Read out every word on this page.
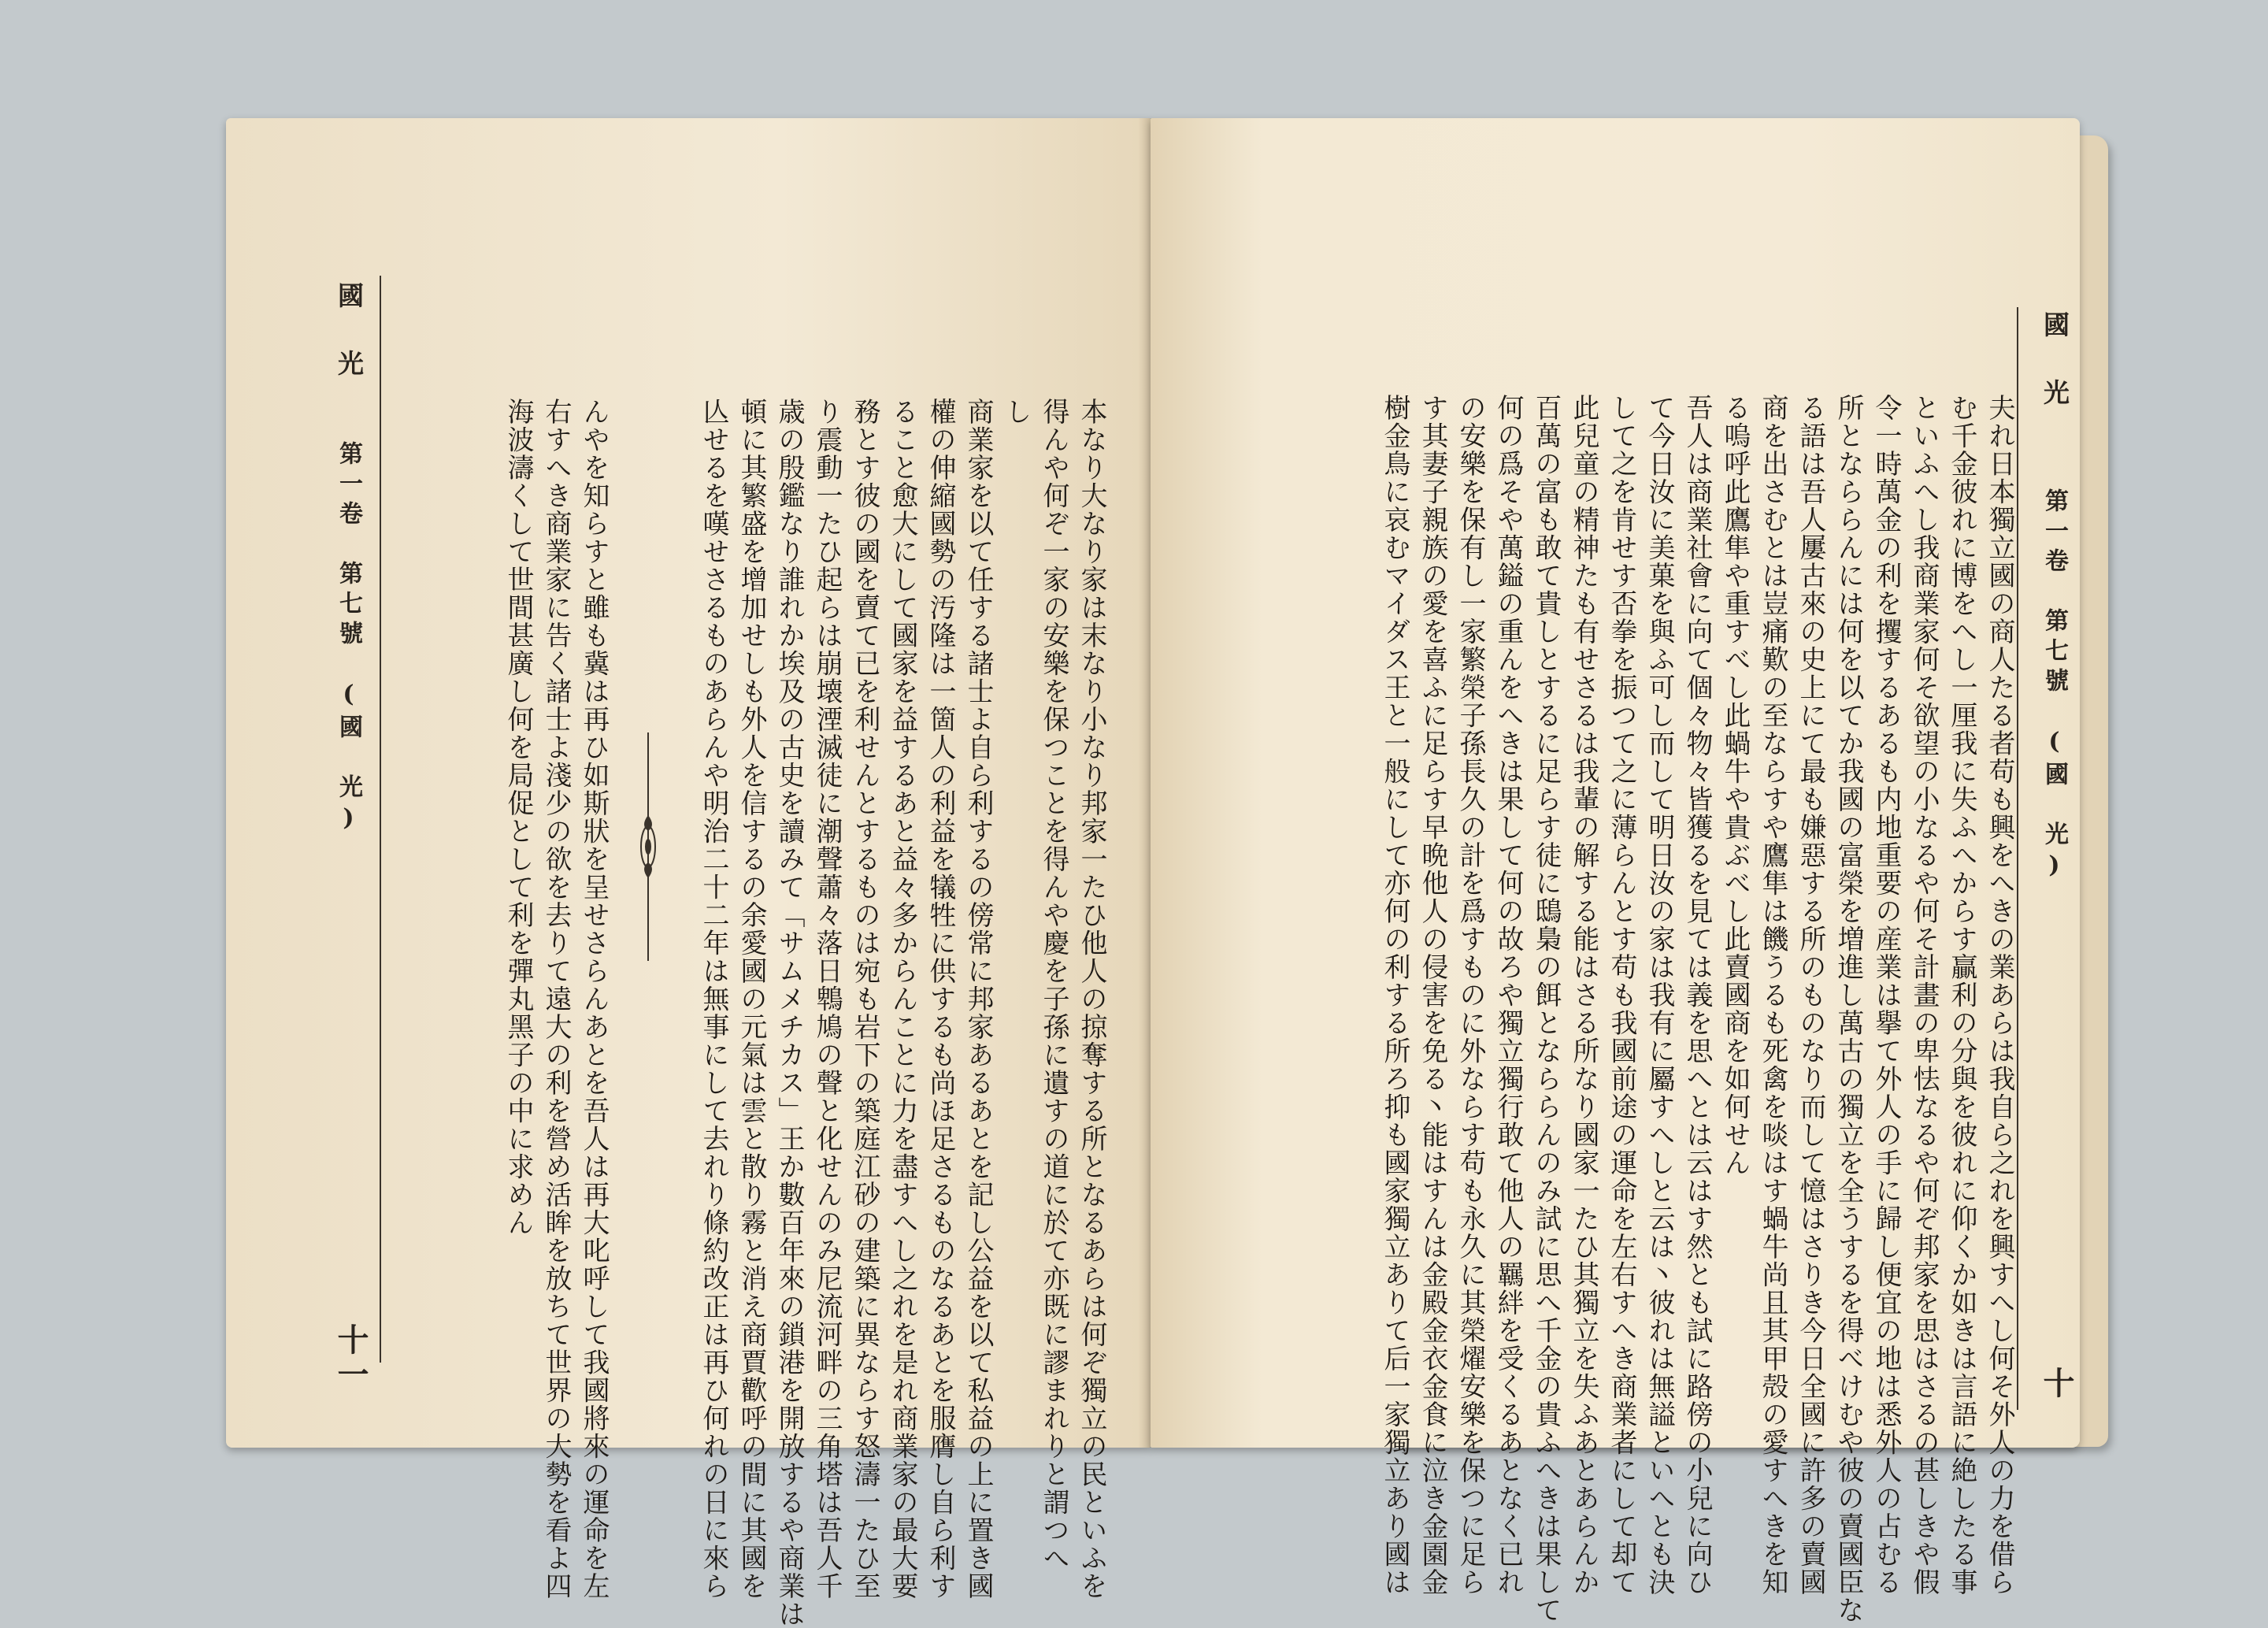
國　光
第一卷　第七號　(國　光)
十一	本なり大なり家は末なり小なり邦家一たひ他人の掠奪する所となるあらは何ぞ獨立の民といふを
得んや何ぞ一家の安樂を保つことを得んや慶を子孫に遺すの道に於て亦既に謬まれりと謂つへ
し
商業家を以て任する諸士よ自ら利するの傍常に邦家あるあとを記し公益を以て私益の上に置き國
權の伸縮國勢の汚隆は一箇人の利益を犠牲に供するも尚ほ足さるものなるあとを服膺し自ら利す
ること愈大にして國家を益するあと益々多からんことに力を盡すへし之れを是れ商業家の最大要
務とす彼の國を賣て已を利せんとするものは宛も岩下の築庭江砂の建築に異ならす怒濤一たひ至
り震動一たひ起らは崩壊湮滅徒に潮聲蕭々落日鵯鳩の聲と化せんのみ尼流河畔の三角塔は吾人千
歳の殷鑑なり誰れか埃及の古史を讀みて「サムメチカス」王か數百年來の鎖港を開放するや商業は
頓に其繁盛を增加せしも外人を信するの余愛國の元氣は雲と散り霧と消え商賈歡呼の間に其國を
亾せるを嘆せさるものあらんや明治二十二年は無事にして去れり條約改正は再ひ何れの日に來ら
んやを知らすと雖も冀は再ひ如斯狀を呈せさらんあとを吾人は再大叱呼して我國將來の運命を左
右すへき商業家に告く諸士よ淺少の欲を去りて遠大の利を營め活眸を放ちて世界の大勢を看よ四
海波濤くして世間甚廣し何を局促として利を彈丸黑子の中に求めん
國　光
第一卷　第七號　(國　光)
十
夫れ日本獨立國の商人たる者苟も興をへきの業あらは我自ら之れを興すへし何そ外人の力を借ら
む千金彼れに博をへし一厘我に失ふへからす贏利の分與を彼れに仰くか如きは言語に絶したる事
といふへし我商業家何そ欲望の小なるや何そ計畫の卑怯なるや何ぞ邦家を思はさるの甚しきや假
令一時萬金の利を攫するあるも内地重要の産業は擧て外人の手に歸し便宜の地は悉外人の占むる
所となららんには何を以てか我國の富榮を増進し萬古の獨立を全うするを得べけむや彼の賣國臣な
る語は吾人屢古來の史上にて最も嫌惡する所のものなり而して憶はさりき今日全國に許多の賣國
商を出さむとは豈痛歎の至ならすや鷹隼は饑うるも死禽を啖はす蝸牛尚且其甲殻の愛すへきを知
る嗚呼此鷹隼や重すべし此蝸牛や貴ぶべし此賣國商を如何せん
吾人は商業社會に向て個々物々皆獲るを見ては義を思へとは云はす然とも試に路傍の小兒に向ひ
て今日汝に美菓を與ふ可し而して明日汝の家は我有に屬すへしと云は丶彼れは無謚といへとも決
して之を肯せす否拳を振つて之に薄らんとす苟も我國前途の運命を左右すへき商業者にして却て
此兒童の精神たも有せさるは我輩の解する能はさる所なり國家一たひ其獨立を失ふあとあらんか
百萬の富も敢て貴しとするに足らす徒に鴟梟の餌となららんのみ試に思へ千金の貴ふへきは果して
何の爲そや萬鎰の重んをへきは果して何の故ろや獨立獨行敢て他人の羈絆を受くるあとなく已れ
の安樂を保有し一家繁榮子孫長久の計を爲すものに外ならす苟も永久に其榮燿安樂を保つに足ら
す其妻子親族の愛を喜ふに足らす早晩他人の侵害を免る丶能はすんは金殿金衣金食に泣き金園金
樹金鳥に哀むマイダス王と一般にして亦何の利する所ろ抑も國家獨立ありて后一家獨立あり國は
